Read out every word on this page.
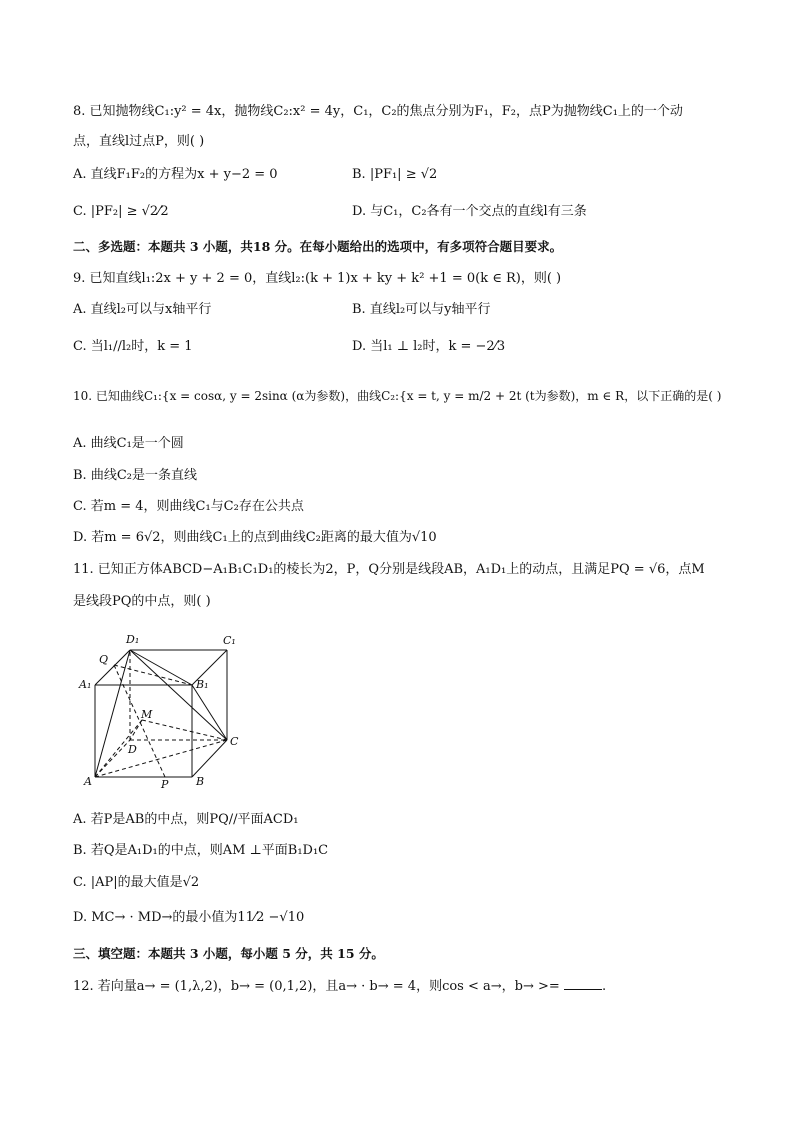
8. 已知抛物线C₁:y² = 4x，抛物线C₂:x² = 4y，C₁，C₂的焦点分别为F₁，F₂，点P为抛物线C₁上的一个动
点，直线l过点P，则( )
A. 直线F₁F₂的方程为x + y−2 = 0	B. |PF₁| ≥ √2
C. |PF₂| ≥ √2⁄2	D. 与C₁，C₂各有一个交点的直线l有三条
二、多选题：本题共 3 小题，共18 分。在每小题给出的选项中，有多项符合题目要求。
9. 已知直线l₁:2x + y + 2 = 0，直线l₂:(k + 1)x + ky + k² +1 = 0(k ∈ R)，则( )
A. 直线l₂可以与x轴平行	B. 直线l₂可以与y轴平行
C. 当l₁//l₂时，k = 1	D. 当l₁ ⊥ l₂时，k = −2⁄3
10. 已知曲线C₁:{x = cosα, y = 2sinα (α为参数)，曲线C₂:{x = t, y = m/2 + 2t (t为参数)，m ∈ R，以下正确的是( )
A. 曲线C₁是一个圆
B. 曲线C₂是一条直线
C. 若m = 4，则曲线C₁与C₂存在公共点
D. 若m = 6√2，则曲线C₁上的点到曲线C₂距离的最大值为√10
11. 已知正方体ABCD−A₁B₁C₁D₁的棱长为2，P，Q分别是线段AB，A₁D₁上的动点，且满足PQ = √6，点M
是线段PQ的中点，则( )
A	B
C
D
A₁	B₁
C₁
D₁
P
Q
M
A. 若P是AB的中点，则PQ//平面ACD₁
B. 若Q是A₁D₁的中点，则AM ⊥平面B₁D₁C
C. |AP|的最大值是√2
D. MC→ · MD→的最小值为11⁄2 −√10
三、填空题：本题共 3 小题，每小题 5 分，共 15 分。
12. 若向量a→ = (1,λ,2)，b→ = (0,1,2)，且a→ · b→ = 4，则cos < a→，b→ >=	.
